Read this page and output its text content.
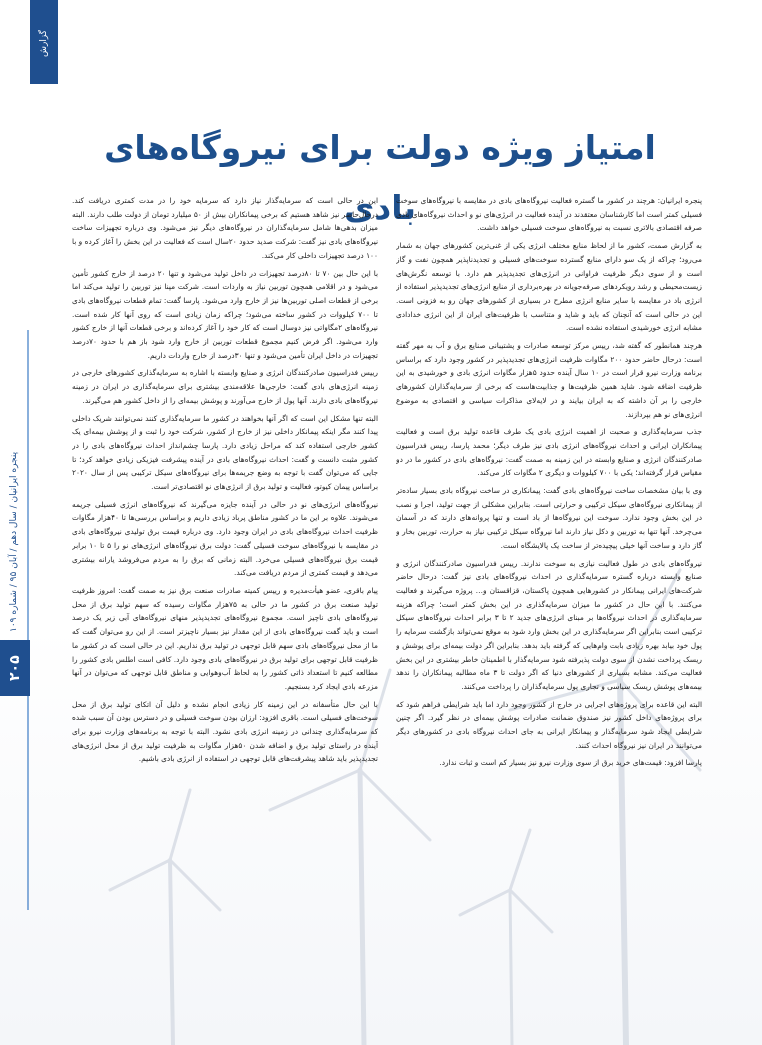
گزارش
پنجره ایرانیان / سال دهم / آبان ۹۵ / شماره ۱۰۹
۲۰۵
امتیاز ویژه دولت برای نیروگاه‌های بادی

پنجره ایرانیان: هرچند در کشور ما گستره فعالیت نیروگاه‌های بادی در مقایسه با نیروگاه‌های سوخت فسیلی کمتر است اما کارشناسان معتقدند در آینده فعالیت در انرژی‌های نو و احداث نیروگاه‌های بادی صرفه اقتصادی بالاتری نسبت به نیروگاه‌های سوخت فسیلی خواهد داشت.

به گزارش صمت، کشور ما از لحاظ منابع مختلف انرژی یکی از غنی‌ترین کشورهای جهان به شمار می‌رود؛ چراکه از یک سو دارای منابع گسترده سوخت‌های فسیلی و تجدیدناپذیر همچون نفت و گاز است و از سوی دیگر ظرفیت فراوانی در انرژی‌های تجدیدپذیر هم دارد. با توسعه نگرش‌های زیست‌محیطی و رشد رویکردهای صرفه‌جویانه در بهره‌برداری از منابع انرژی‌های تجدیدپذیر استفاده از انرژی باد در مقایسه با سایر منابع انرژی مطرح در بسیاری از کشورهای جهان رو به فزونی است. این در حالی است که آنچنان که باید و شاید و متناسب با ظرفیت‌های ایران از این انرژی خدادادی مشابه انرژی خورشیدی استفاده نشده است.

هرچند همانطور که گفته شد، رییس مرکز توسعه صادرات و پشتیبانی صنایع برق و آب به مهر گفته است: درحال حاضر حدود ۲۰۰ مگاوات ظرفیت انرژی‌های تجدیدپذیر در کشور وجود دارد که براساس برنامه وزارت نیرو قرار است در ۱۰ سال آینده حدود ۵هزار مگاوات انرژی بادی و خورشیدی به این ظرفیت اضافه شود. شاید همین ظرفیت‌ها و جذابیت‌هاست که برخی از سرمایه‌گذاران کشورهای خارجی را بر آن داشته که به ایران بیایند و در لایه‌لای مذاکرات سیاسی و اقتصادی به موضوع انرژی‌های نو هم بپردازند.

جذب سرمایه‌گذاری و صحبت از اهمیت انرژی بادی یک طرف قاعده تولید برق است و فعالیت پیمانکاران ایرانی و احداث نیروگاه‌های انرژی بادی نیز طرف دیگر؛ محمد پارسا، رییس فدراسیون صادرکنندگان انرژی و صنایع وابسته در این زمینه به صمت گفت: نیروگاه‌های بادی در کشور ما در دو مقیاس قرار گرفته‌اند؛ یکی با ۷۰۰ کیلووات و دیگری ۲ مگاوات کار می‌کند.

وی با بیان مشخصات ساخت نیروگاه‌های بادی گفت: پیمانکاری در ساخت نیروگاه بادی بسیار ساده‌تر از پیمانکاری نیروگاه‌های سیکل ترکیبی و حرارتی است. بنابراین مشکلی از جهت تولید، اجرا و نصب در این بخش وجود ندارد. سوخت این نیروگاه‌ها از باد است و تنها پروانه‌های دارند که در آسمان می‌چرخد. آنها تنها به توربین و دکل نیاز دارند اما نیروگاه سیکل ترکیبی نیاز به حرارت، توربین بخار و گاز دارد و ساخت آنها خیلی پیچیده‌تر از ساخت یک پالایشگاه است.

نیروگاه‌های بادی در طول فعالیت نیازی به سوخت ندارند. رییس فدراسیون صادرکنندگان انرژی و صنایع وابسته درباره گستره سرمایه‌گذاری در احداث نیروگاه‌های بادی نیز گفت: درحال حاضر شرکت‌های ایرانی پیمانکار در کشورهایی همچون پاکستان، قزاقستان و… پروژه می‌گیرند و فعالیت می‌کنند. با این حال در کشور ما میزان سرمایه‌گذاری در این بخش کمتر است؛ چراکه هزینه سرمایه‌گذاری در احداث نیروگاه‌ها بر مبنای انرژی‌های جدید ۲ تا ۳ برابر احداث نیروگاه‌های سیکل ترکیبی است بنابراین اگر سرمایه‌گذاری در این بخش وارد شود به موقع نمی‌تواند بازگشت سرمایه را پول خود بیابد بهره زیادی بابت وام‌هایی که گرفته باید بدهد. بنابراین اگر دولت بیمه‌ای برای پوشش و ریسک پرداخت نشدن از سوی دولت پذیرفته شود سرمایه‌گذار با اطمینان خاطر بیشتری در این بخش فعالیت می‌کند. مشابه بسیاری از کشورهای دنیا که اگر دولت تا ۳ ماه مطالبه پیمانکاران را ندهد بیمه‌های پوشش ریسک سیاسی و تجاری پول سرمایه‌گذاران را پرداخت می‌کنند.

البته این قاعده برای پروژه‌های اجرایی در خارج از کشور وجود دارد اما باید شرایطی فراهم شود که برای پروژه‌های داخل کشور نیز صندوق ضمانت صادرات پوشش بیمه‌ای در نظر گیرد. اگر چنین شرایطی ایجاد شود سرمایه‌گذار و پیمانکار ایرانی به جای احداث نیروگاه بادی در کشورهای دیگر می‌توانند در ایران نیز نیروگاه احداث کنند.

پارسا افزود: قیمت‌های خرید برق از سوی وزارت نیرو نیز بسیار کم است و ثبات ندارد.

این در حالی است که سرمایه‌گذار نیاز دارد که سرمایه خود را در مدت کمتری دریافت کند. درحال‌حاضر نیز شاهد هستیم که برخی پیمانکاران بیش از ۵۰ میلیارد تومان از دولت طلب دارند. البته میزان بدهی‌ها شامل سرمایه‌گذاران در نیروگاه‌های دیگر نیز می‌شود. وی درباره تجهیزات ساخت نیروگاه‌های بادی نیز گفت: شرکت صدید حدود ۲۰سال است که فعالیت در این بخش را آغاز کرده و با ۱۰۰ درصد تجهیزات داخلی کار می‌کند.

با این حال بین ۷۰ تا ۸۰درصد تجهیزات در داخل تولید می‌شود و تنها ۲۰ درصد از خارج کشور تأمین می‌شود و در اقلامی همچون توربین نیاز به واردات است. شرکت مپنا نیز توربین را تولید می‌کند اما برخی از قطعات اصلی توربین‌ها نیز از خارج وارد می‌شود. پارسا گفت: تمام قطعات نیروگاه‌های بادی تا ۷۰۰ کیلووات در کشور ساخته می‌شود؛ چراکه زمان زیادی است که روی آنها کار شده است. نیروگاه‌های ۲مگاواتی نیز دوسال است که کار خود را آغاز کرده‌اند و برخی قطعات آنها از خارج کشور وارد می‌شود. اگر فرض کنیم مجموع قطعات توربین از خارج وارد شود باز هم با حدود ۷۰درصد تجهیزات در داخل ایران تأمین می‌شود و تنها ۳۰درصد از خارج واردات داریم.

رییس فدراسیون صادرکنندگان انرژی و صنایع وابسته با اشاره به سرمایه‌گذاری کشورهای خارجی در زمینه انرژی‌های بادی گفت: خارجی‌ها علاقه‌مندی بیشتری برای سرمایه‌گذاری در ایران در زمینه نیروگاه‌های بادی دارند. آنها پول از خارج می‌آورند و پوشش بیمه‌ای را از داخل کشور هم می‌گیرند.

البته تنها مشکل این است که اگر آنها بخواهند در کشور ما سرمایه‌گذاری کنند نمی‌توانند شریک داخلی پیدا کنند مگر اینکه پیمانکار داخلی نیز از خارج از کشور، شرکت خود را ثبت و از پوشش بیمه‌ای یک کشور خارجی استفاده کند که مراحل زیادی دارد. پارسا چشم‌انداز احداث نیروگاه‌های بادی را در کشور مثبت دانست و گفت: احداث نیروگاه‌های بادی در آینده پیشرفت فیزیکی زیادی خواهد کرد؛ تا جایی که می‌توان گفت با توجه به وضع جریمه‌ها برای نیروگاه‌های سیکل ترکیبی پس از سال ۲۰۲۰ براساس پیمان کیوتو، فعالیت و تولید برق از انرژی‌های نو اقتصادی‌تر است.

نیروگاه‌های انرژی‌های نو در حالی در آینده جایزه می‌گیرند که نیروگاه‌های انرژی فسیلی جریمه می‌شوند. علاوه بر این ما در کشور مناطق پرباد زیادی داریم و براساس بررسی‌ها تا ۴۰هزار مگاوات ظرفیت احداث نیروگاه‌های بادی در ایران وجود دارد. وی درباره قیمت برق تولیدی نیروگاه‌های بادی در مقایسه با نیروگاه‌های سوخت فسیلی گفت: دولت برق نیروگاه‌های انرژی‌های نو را ۵ تا ۱۰ برابر قیمت برق نیروگاه‌های فسیلی می‌خرد. البته زمانی که برق را به مردم می‌فروشد یارانه بیشتری می‌دهد و قیمت کمتری از مردم دریافت می‌کند.

پیام باقری، عضو هیأت‌مدیره و رییس کمیته صادرات صنعت برق نیز به صمت گفت: امروز ظرفیت تولید صنعت برق در کشور ما در حالی به ۷۵هزار مگاوات رسیده که سهم تولید برق از محل نیروگاه‌های بادی ناچیز است. مجموع نیروگاه‌های تجدیدپذیر منهای نیروگاه‌های آبی زیر یک درصد است و باید گفت نیروگاه‌های بادی از این مقدار نیز بسیار ناچیزتر است. از این رو می‌توان گفت که ما از محل نیروگاه‌های بادی سهم قابل توجهی در تولید برق نداریم. این در حالی است که در کشور ما ظرفیت قابل توجهی برای تولید برق در نیروگاه‌های بادی وجود دارد. کافی است اطلس بادی کشور را مطالعه کنیم تا استعداد ذاتی کشور را به لحاظ آب‌وهوایی و مناطق قابل توجهی که می‌توان در آنها مزرعه بادی ایجاد کرد بسنجیم.

با این حال متأسفانه در این زمینه کار زیادی انجام نشده و دلیل آن اتکای تولید برق از محل سوخت‌های فسیلی است. باقری افزود: ارزان بودن سوخت فسیلی و در دسترس بودن آن سبب شده که سرمایه‌گذاری چندانی در زمینه انرژی بادی نشود. البته با توجه به برنامه‌های وزارت نیرو برای آینده در راستای تولید برق و اضافه شدن ۵۰هزار مگاوات به ظرفیت تولید برق از محل انرژی‌های تجدیدپذیر باید شاهد پیشرفت‌های قابل توجهی در استفاده از انرژی بادی باشیم.
